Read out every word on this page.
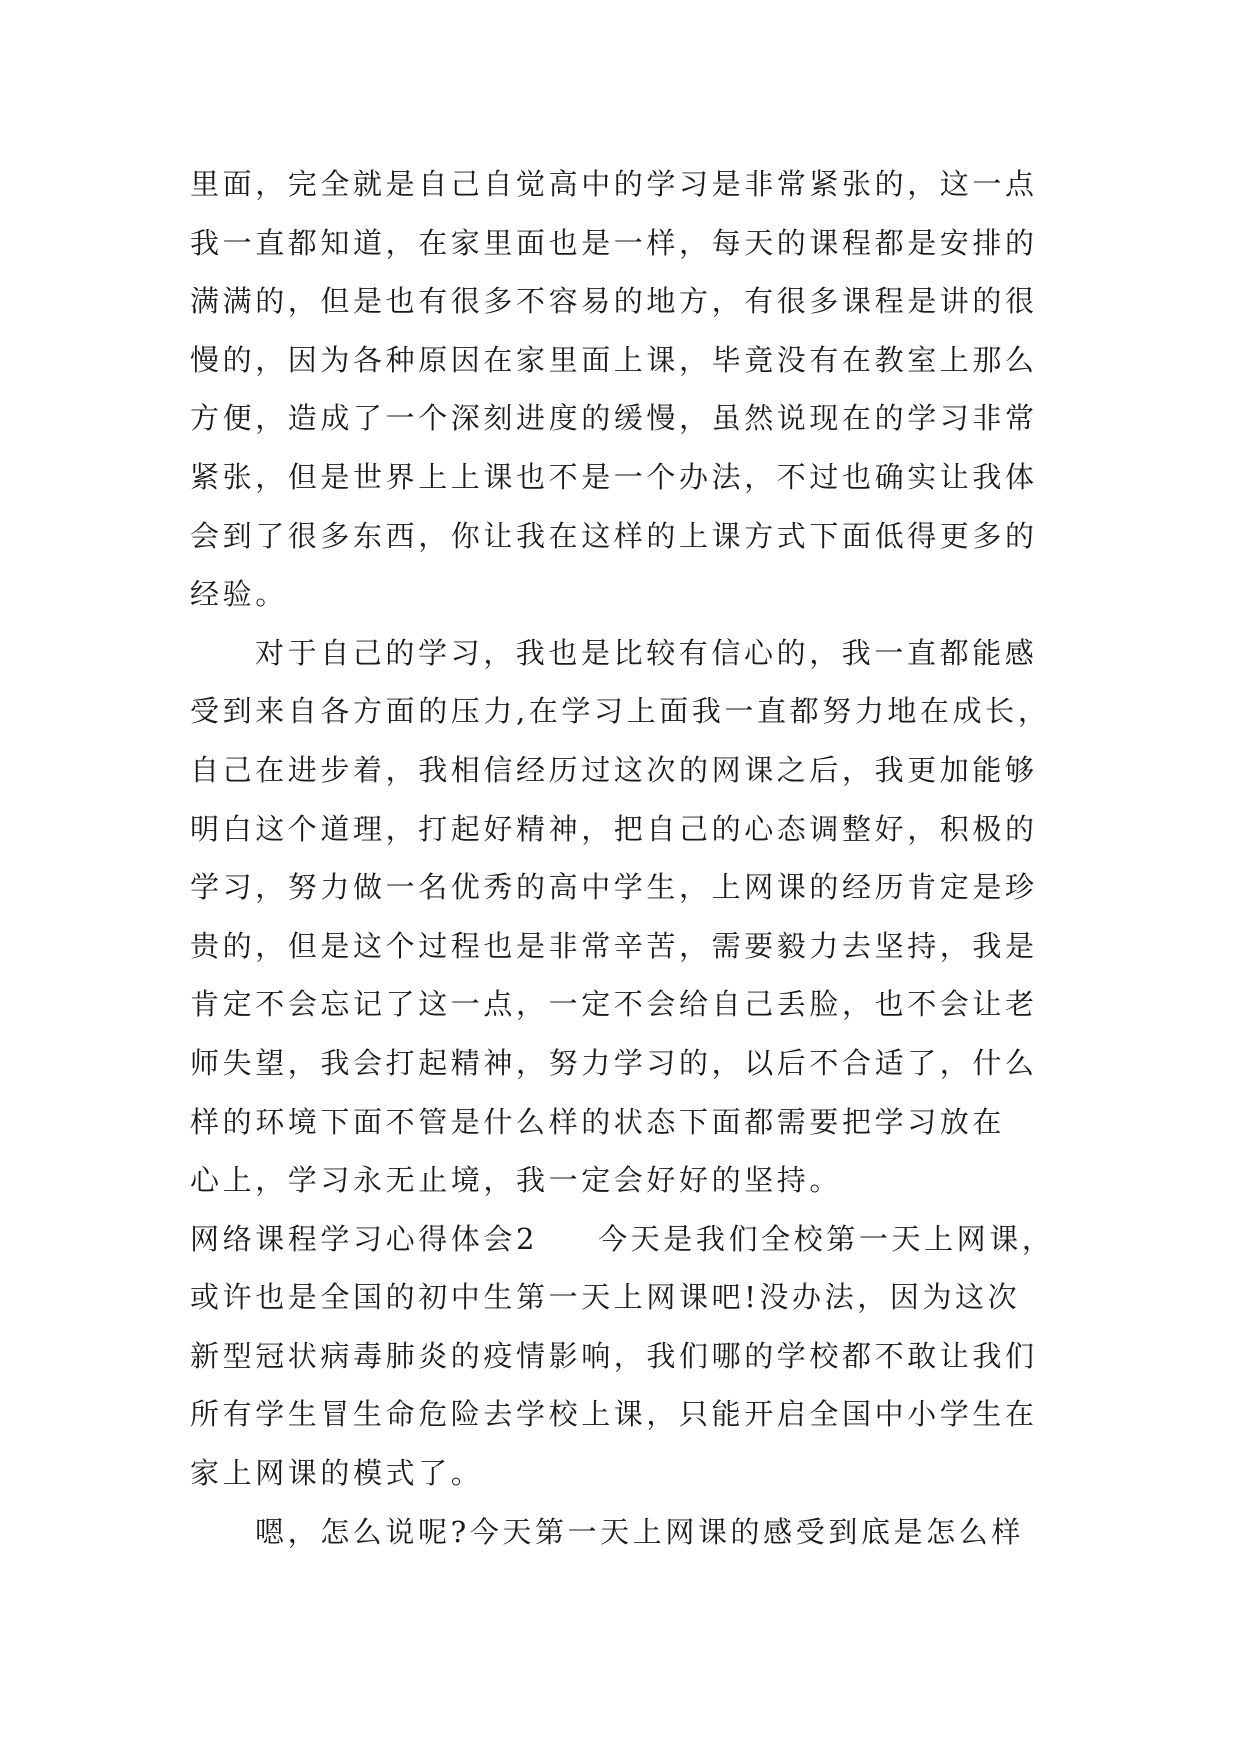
里面，完全就是自己自觉高中的学习是非常紧张的，这一点
我一直都知道，在家里面也是一样，每天的课程都是安排的
满满的，但是也有很多不容易的地方，有很多课程是讲的很
慢的，因为各种原因在家里面上课，毕竟没有在教室上那么
方便，造成了一个深刻进度的缓慢，虽然说现在的学习非常
紧张，但是世界上上课也不是一个办法，不过也确实让我体
会到了很多东西，你让我在这样的上课方式下面低得更多的
经验。
对于自己的学习，我也是比较有信心的，我一直都能感
受到来自各方面的压力,在学习上面我一直都努力地在成长，
自己在进步着，我相信经历过这次的网课之后，我更加能够
明白这个道理，打起好精神，把自己的心态调整好，积极的
学习，努力做一名优秀的高中学生，上网课的经历肯定是珍
贵的，但是这个过程也是非常辛苦，需要毅力去坚持，我是
肯定不会忘记了这一点，一定不会给自己丢脸，也不会让老
师失望，我会打起精神，努力学习的，以后不合适了，什么
样的环境下面不管是什么样的状态下面都需要把学习放在
心上，学习永无止境，我一定会好好的坚持。
网络课程学习心得体会2 今天是我们全校第一天上网课，
或许也是全国的初中生第一天上网课吧!没办法，因为这次
新型冠状病毒肺炎的疫情影响，我们哪的学校都不敢让我们
所有学生冒生命危险去学校上课，只能开启全国中小学生在
家上网课的模式了。
嗯，怎么说呢?今天第一天上网课的感受到底是怎么样
